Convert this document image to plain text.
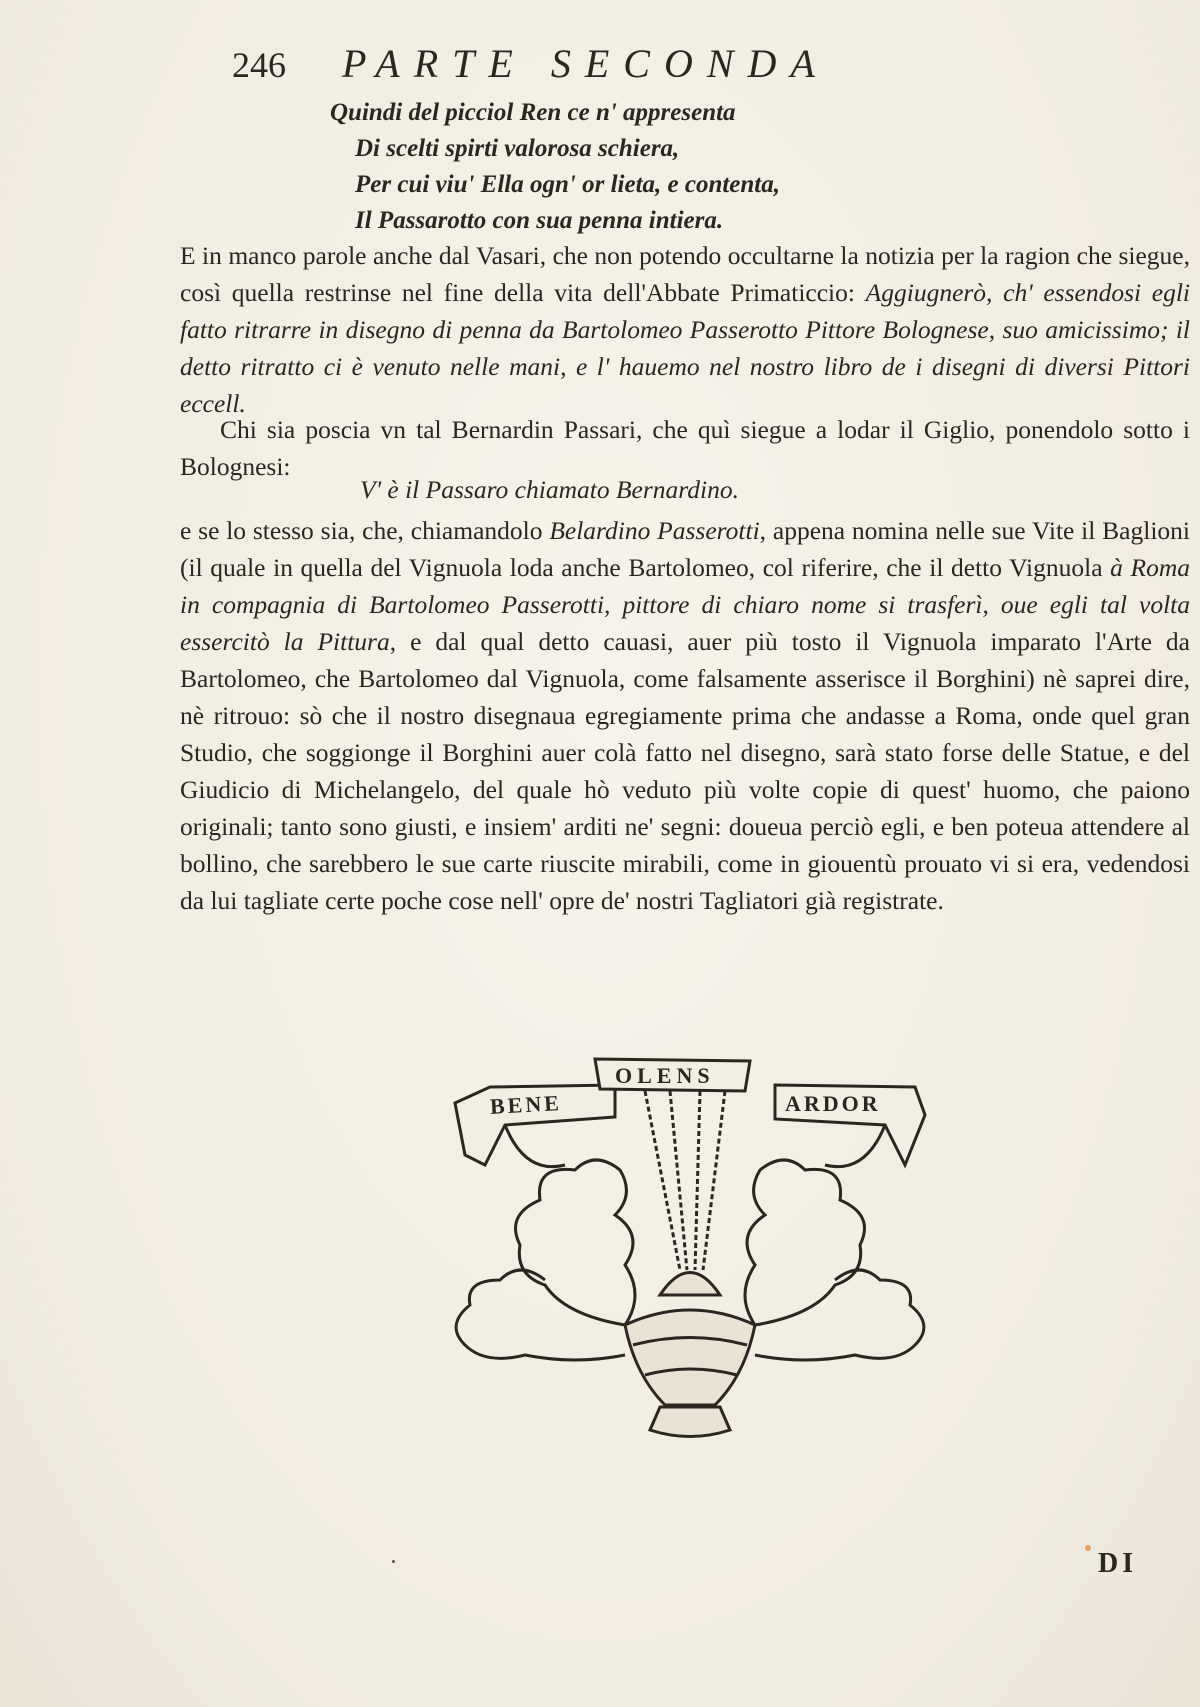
246	PARTE SECONDA
Quindi del picciol Ren ce n' appresenta
Di scelti spirti valorosa schiera,
Per cui viu' Ella ogn' or lieta, e contenta,
Il Passarotto con sua penna intiera.

E in manco parole anche dal Vasari, che non potendo occultarne la notizia per la ragion che siegue, così quella restrinse nel fine della vita dell'Abbate Primaticcio: Aggiugnerò, ch' essendosi egli fatto ritrarre in disegno di penna da Bartolomeo Passerotto Pittore Bolognese, suo amicissimo; il detto ritratto ci è venuto nelle mani, e l' hauemo nel nostro libro de i disegni di diversi Pittori eccell.

Chi sia poscia vn tal Bernardin Passari, che quì siegue a lodar il Giglio, ponendolo sotto i Bolognesi:

V' è il Passaro chiamato Bernardino.

e se lo stesso sia, che, chiamandolo Belardino Passerotti, appena nomina nelle sue Vite il Baglioni (il quale in quella del Vignuola loda anche Bartolomeo, col riferire, che il detto Vignuola à Roma in compagnia di Bartolomeo Passerotti, pittore di chiaro nome si trasferì, oue egli tal volta essercitò la Pittura, e dal qual detto cauasi, auer più tosto il Vignuola imparato l'Arte da Bartolomeo, che Bartolomeo dal Vignuola, come falsamente asserisce il Borghini) nè saprei dire, nè ritrouo: sò che il nostro disegnaua egregiamente prima che andasse a Roma, onde quel gran Studio, che soggionge il Borghini auer colà fatto nel disegno, sarà stato forse delle Statue, e del Giudicio di Michelangelo, del quale hò veduto più volte copie di quest' huomo, che paiono originali; tanto sono giusti, e insiem' arditi ne' segni: doueua perciò egli, e ben poteua attendere al bollino, che sarebbero le sue carte riuscite mirabili, come in giouentù prouato vi si era, vedendosi da lui tagliate certe poche cose nell' opre de' nostri Tagliatori già registrate.

BENE
OLENS
ARDOR
DI
